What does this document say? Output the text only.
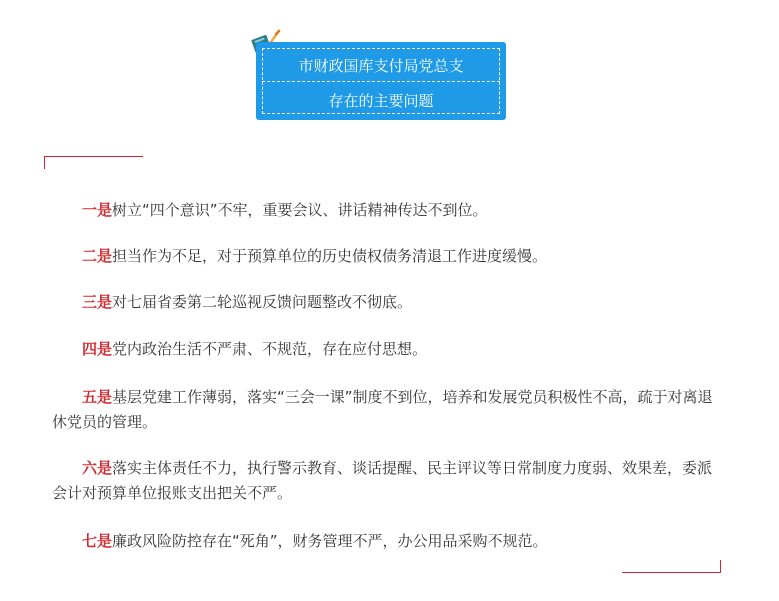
市财政国库支付局党总支
存在的主要问题

一是树立“四个意识”不牢，重要会议、讲话精神传达不到位。

二是担当作为不足，对于预算单位的历史债权债务清退工作进度缓慢。

三是对七届省委第二轮巡视反馈问题整改不彻底。

四是党内政治生活不严肃、不规范，存在应付思想。

五是基层党建工作薄弱，落实“三会一课”制度不到位，培养和发展党员积极性不高，疏于对离退休党员的管理。

六是落实主体责任不力，执行警示教育、谈话提醒、民主评议等日常制度力度弱、效果差，委派会计对预算单位报账支出把关不严。

七是廉政风险防控存在“死角”，财务管理不严，办公用品采购不规范。
